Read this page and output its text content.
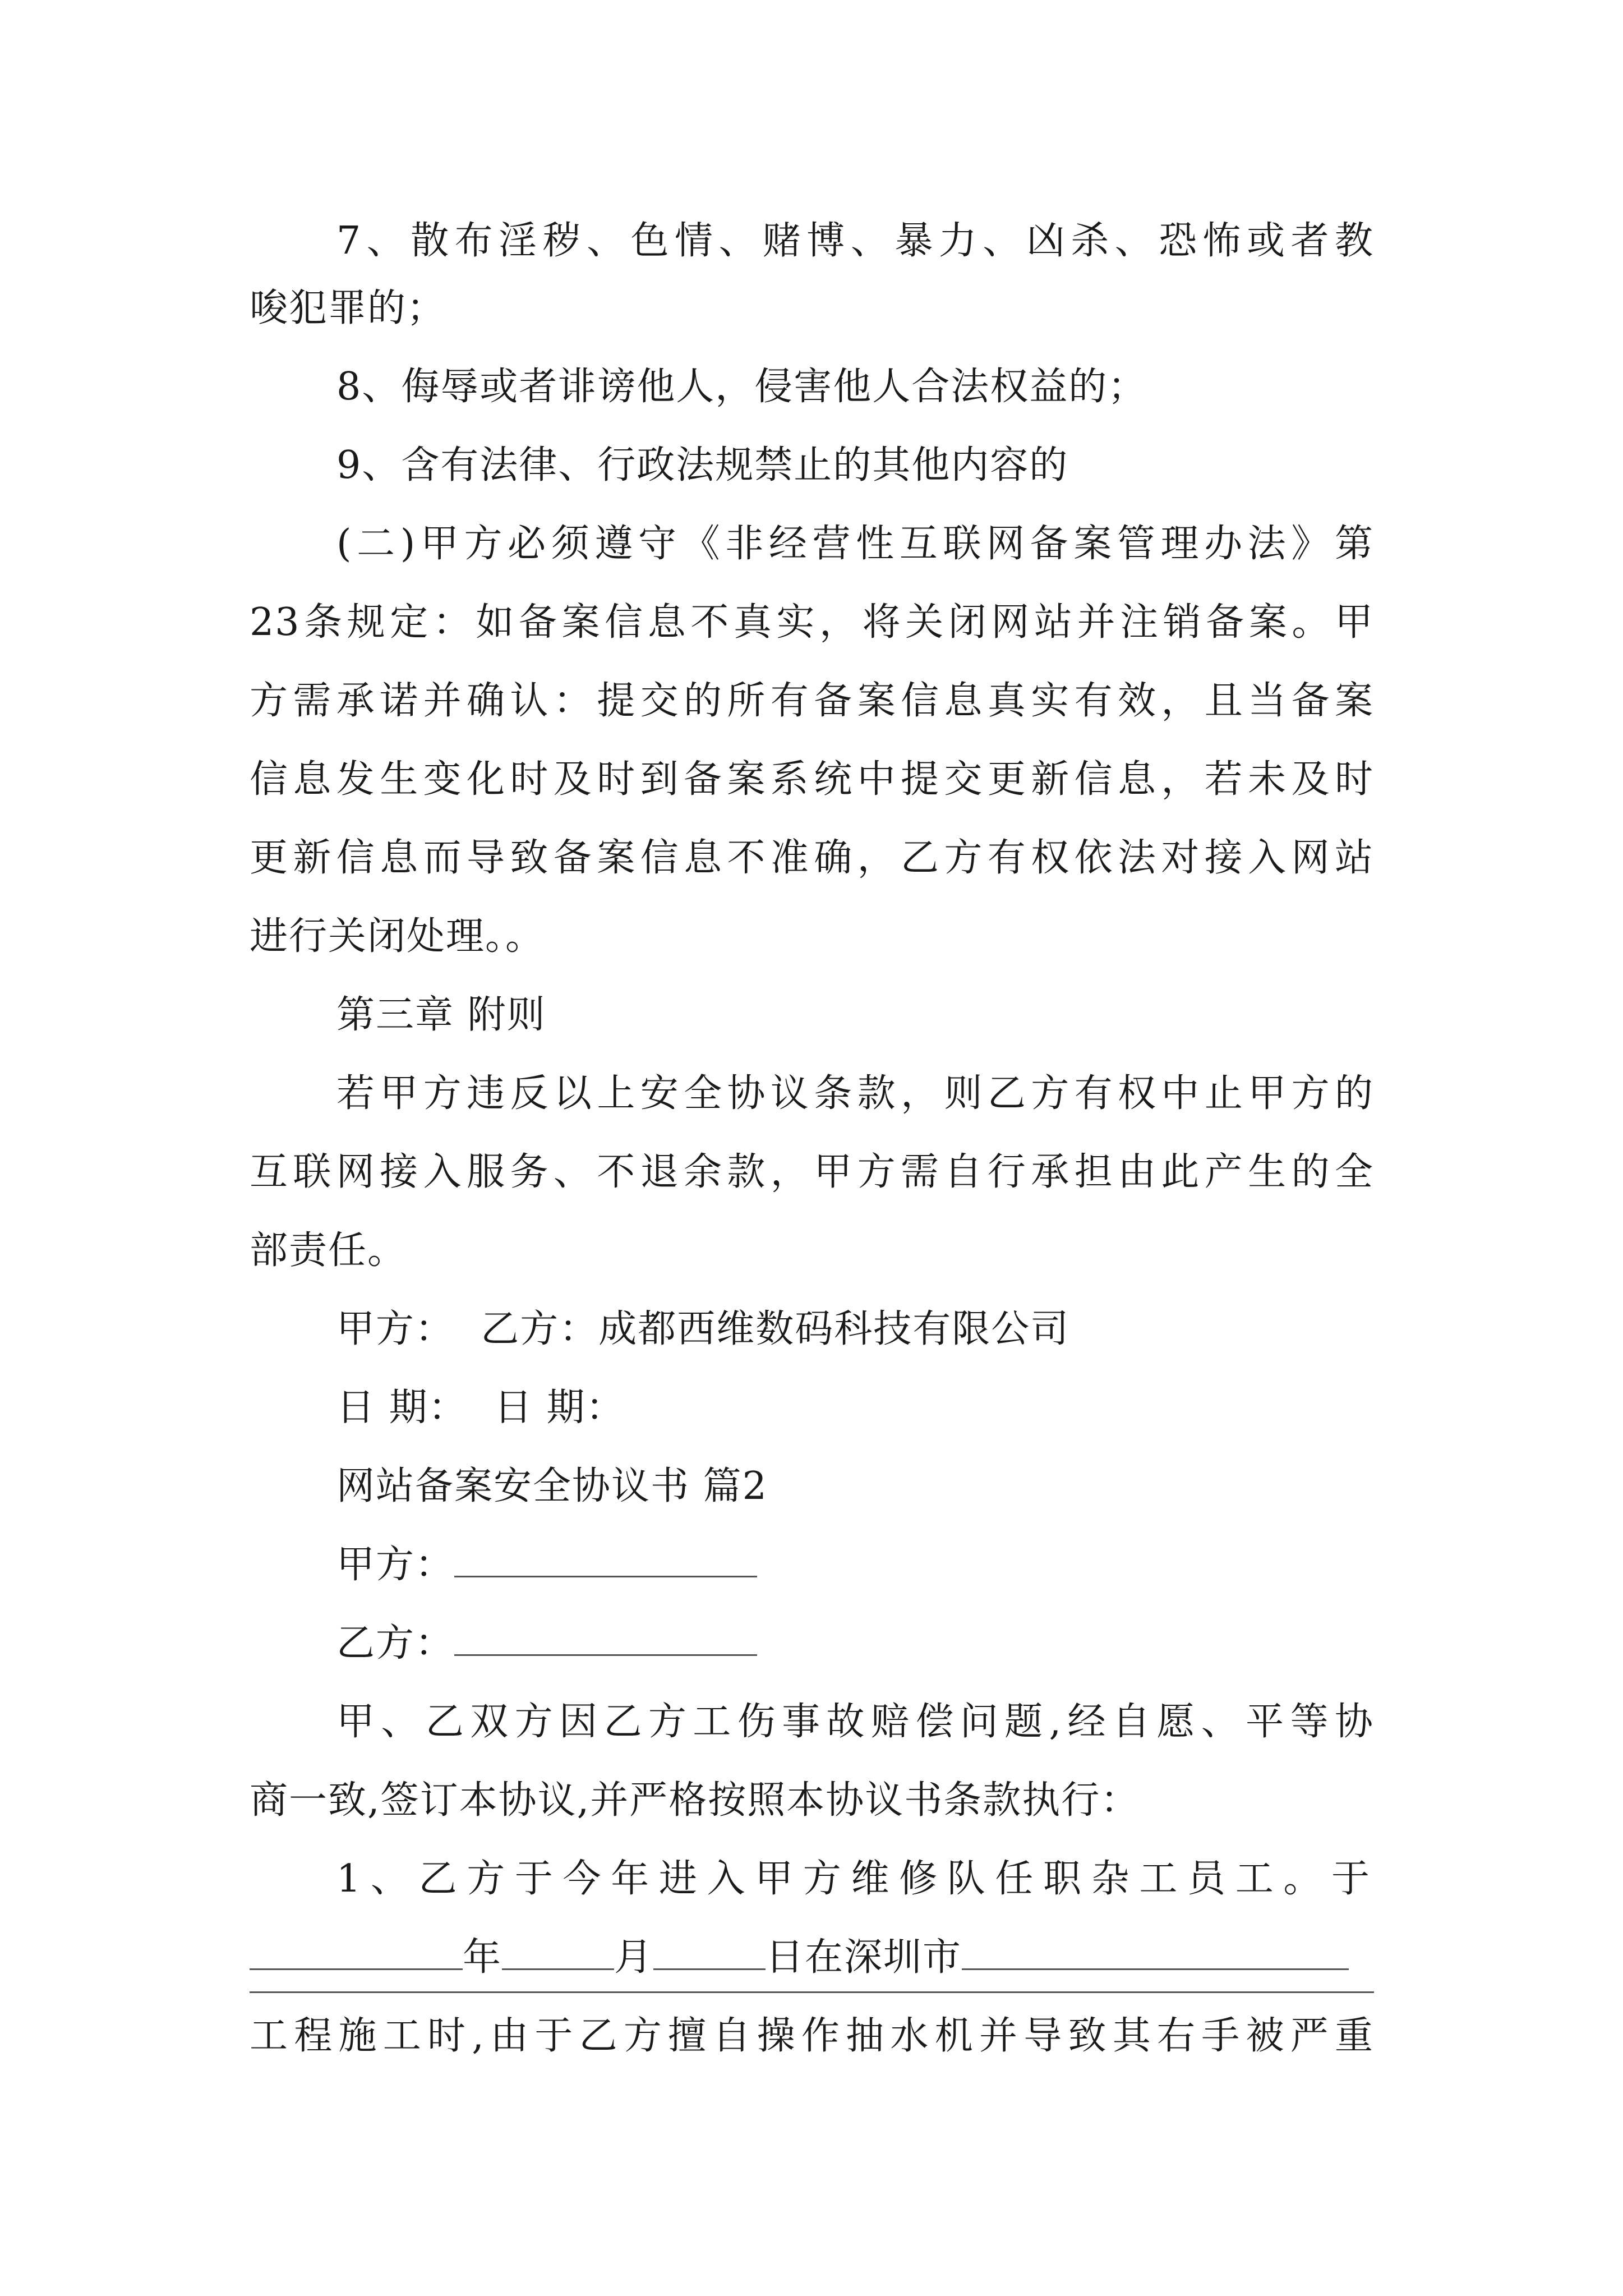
7、散布淫秽、色情、赌博、暴力、凶杀、恐怖或者教
唆犯罪的；
8、侮辱或者诽谤他人，侵害他人合法权益的；
9、含有法律、行政法规禁止的其他内容的
(二)甲方必须遵守《非经营性互联网备案管理办法》第
23条规定：如备案信息不真实，将关闭网站并注销备案。甲
方需承诺并确认：提交的所有备案信息真实有效，且当备案
信息发生变化时及时到备案系统中提交更新信息，若未及时
更新信息而导致备案信息不准确，乙方有权依法对接入网站
进行关闭处理。。
第三章 附则
若甲方违反以上安全协议条款，则乙方有权中止甲方的
互联网接入服务、不退余款，甲方需自行承担由此产生的全
部责任。
甲方：  乙方：成都西维数码科技有限公司
日 期：  日 期：
网站备案安全协议书 篇2
甲方：
乙方：
甲、乙双方因乙方工伤事故赔偿问题,经自愿、平等协
商一致,签订本协议,并严格按照本协议书条款执行：
1、乙方于今年进入甲方维修队任职杂工员工。于
年	月	日在深圳市
工程施工时,由于乙方擅自操作抽水机并导致其右手被严重
